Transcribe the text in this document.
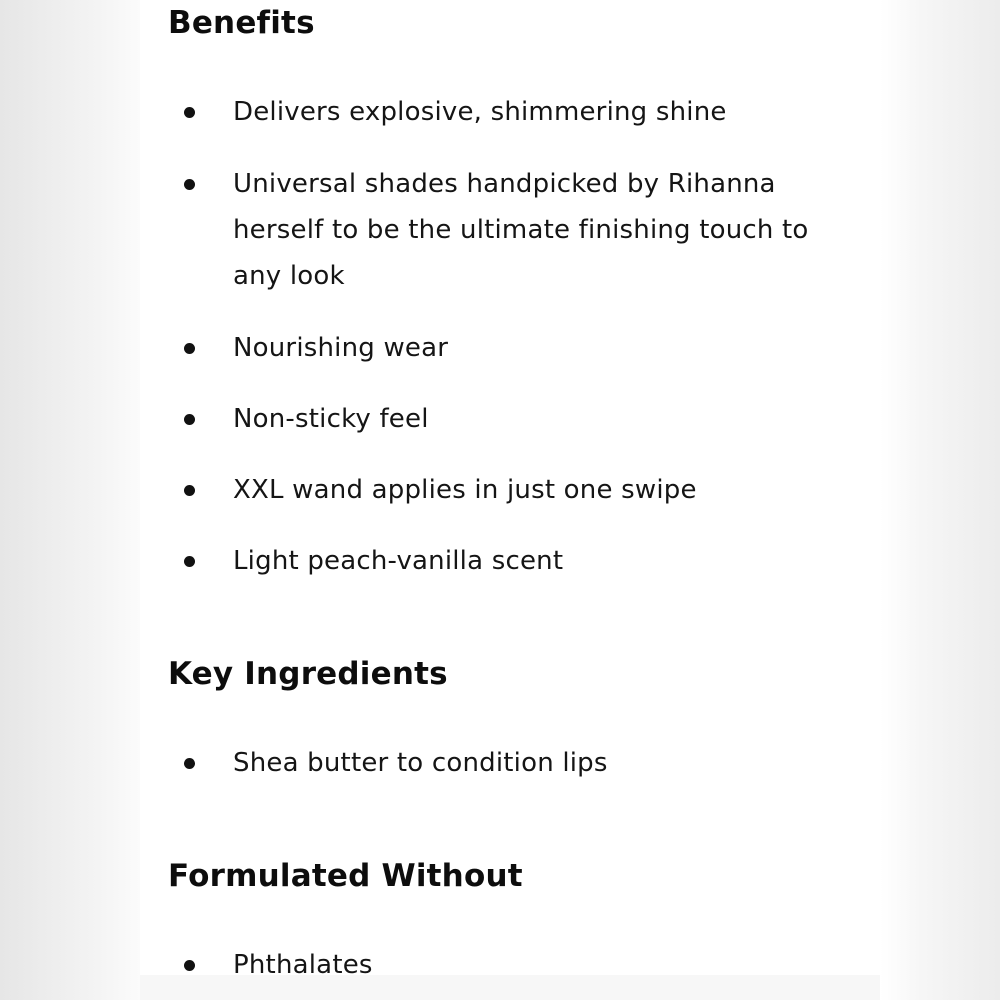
Benefits
Delivers explosive, shimmering shine
Universal shades handpicked by Rihanna herself to be the ultimate finishing touch to any look
Nourishing wear
Non-sticky feel
XXL wand applies in just one swipe
Light peach-vanilla scent
Key Ingredients
Shea butter to condition lips
Formulated Without
Phthalates
